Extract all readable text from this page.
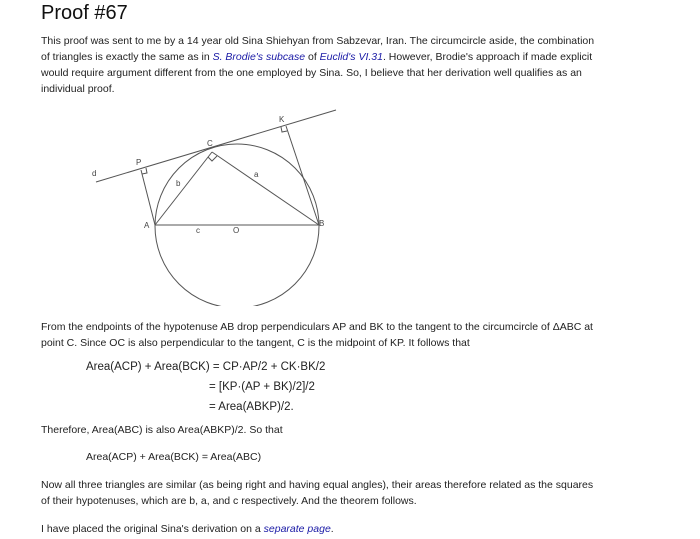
Proof #67

This proof was sent to me by a 14 year old Sina Shiehyan from Sabzevar, Iran. The circumcircle aside, the combination of triangles is exactly the same as in S. Brodie's subcase of Euclid's VI.31. However, Brodie's approach if made explicit would require argument different from the one employed by Sina. So, I believe that her derivation well qualifies as an individual proof.

d
P
C
K
a
b
A	B
c	O

From the endpoints of the hypotenuse AB drop perpendiculars AP and BK to the tangent to the circumcircle of ΔABC at point C. Since OC is also perpendicular to the tangent, C is the midpoint of KP. It follows that

Area(ACP) + Area(BCK) = CP·AP/2 + CK·BK/2
= [KP·(AP + BK)/2]/2
= Area(ABKP)/2.

Therefore, Area(ABC) is also Area(ABKP)/2. So that

Area(ACP) + Area(BCK) = Area(ABC)

Now all three triangles are similar (as being right and having equal angles), their areas therefore related as the squares of their hypotenuses, which are b, a, and c respectively. And the theorem follows.

I have placed the original Sina's derivation on a separate page.
